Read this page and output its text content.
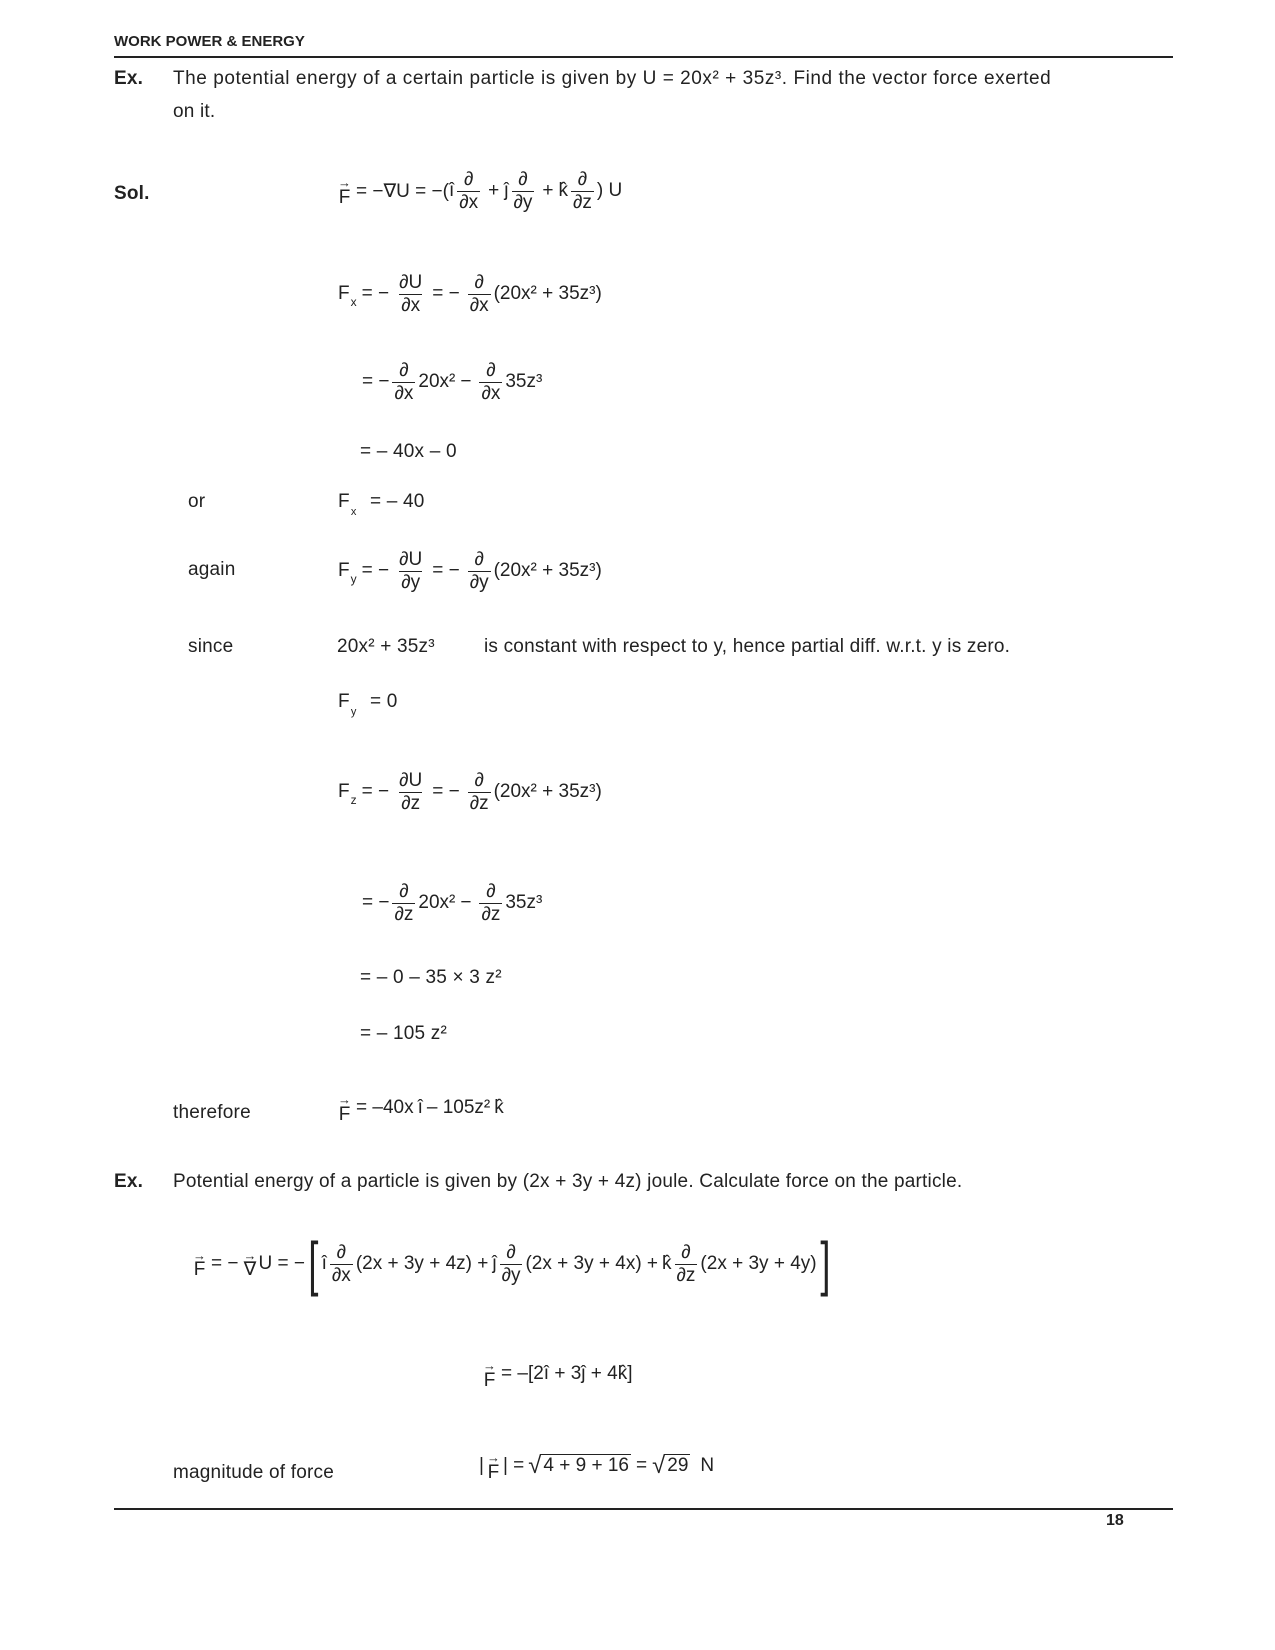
WORK POWER & ENERGY
Ex. The potential energy of a certain particle is given by U = 20x² + 35z³. Find the vector force exerted
on it.
Sol.
→
F = −∇U = −( î $\frac{\partial}{\partial x}$ + ĵ $\frac{\partial}{\partial y}$ + k̂ $\frac{\partial}{\partial z}$ ) U
F x = − $\frac{\partial U}{\partial x}$ = − $\frac{\partial}{\partial x} (20x^2 + 35z^3)$
= − $\frac{\partial}{\partial x} 20x^2 - \frac{\partial}{\partial x} 35z^3$
= – 40x – 0
or	$F_x$ = – 40
again	F y = − $\frac{\partial U}{\partial y}$ = − $\frac{\partial}{\partial y} (20x^2 + 35z^3)$
since	20x² + 35z³	is constant with respect to y, hence partial diff. w.r.t. y is zero.
$F_y = 0$
F z = − $\frac{\partial U}{\partial z}$ = − $\frac{\partial}{\partial z} (20x^2 + 35z^3)$
= − $\frac{\partial}{\partial z} 20x^2 - \frac{\partial}{\partial z} 35z^3$
= – 0 – 35 × 3 z²
= – 105 z²
therefore
→
F = –40x î – 105z² k̂
Ex. Potential energy of a particle is given by (2x + 3y + 4z) joule. Calculate force on the particle.
→
F = − →
∇ U = − [ î $\frac{\partial}{\partial x} (2x + 3y + 4z)$ + ĵ $\frac{\partial}{\partial y} (2x + 3y + 4x)$ + k̂ $\frac{\partial}{\partial z} (2x + 3y + 4y)$ ]
→
F = –[2î + 3ĵ + 4k̂]
magnitude of force	| →
F | = √ 4 + 9 + 16 = √ 29 N
18
